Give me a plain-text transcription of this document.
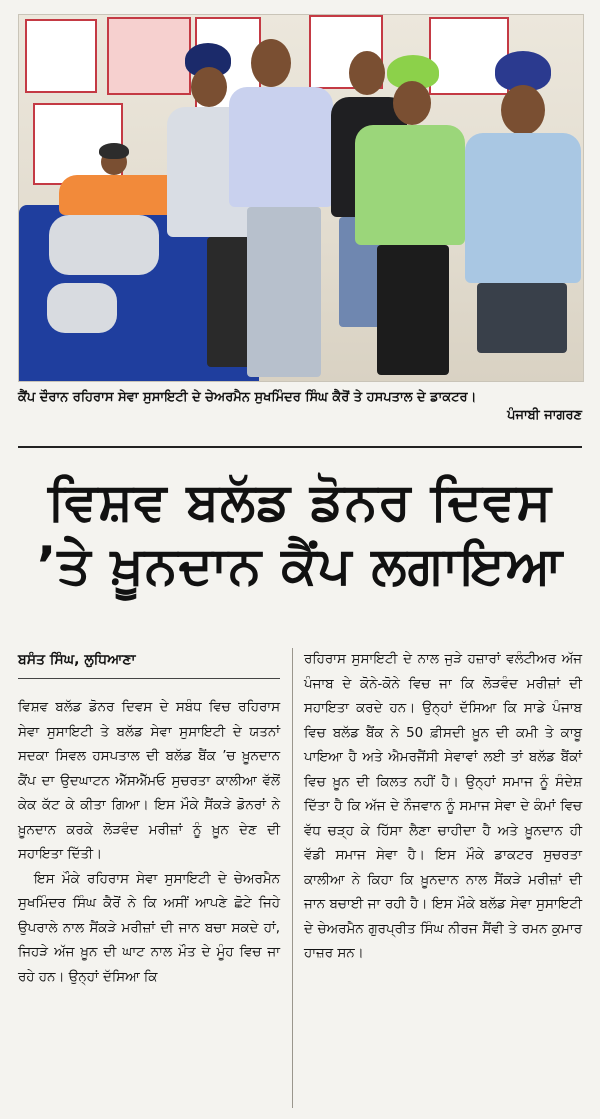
ਕੈਂਪ ਦੌਰਾਨ ਰਹਿਰਾਸ ਸੇਵਾ ਸੁਸਾਇਟੀ ਦੇ ਚੇਅਰਮੈਨ ਸੁਖਮਿੰਦਰ ਸਿੰਘ ਕੈਰੋਂ ਤੇ ਹਸਪਤਾਲ ਦੇ ਡਾਕਟਰ।
ਪੰਜਾਬੀ ਜਾਗਰਣ
ਵਿਸ਼ਵ ਬਲੱਡ ਡੋਨਰ ਦਿਵਸ
’ਤੇ ਖ਼ੂਨਦਾਨ ਕੈਂਪ ਲਗਾਇਆ
ਬਸੰਤ ਸਿੰਘ, ਲੁਧਿਆਣਾ

ਵਿਸ਼ਵ ਬਲੱਡ ਡੋਨਰ ਦਿਵਸ ਦੇ ਸਬੰਧ ਵਿਚ ਰਹਿਰਾਸ ਸੇਵਾ ਸੁਸਾਇਟੀ ਤੇ ਬਲੱਡ ਸੇਵਾ ਸੁਸਾਇਟੀ ਦੇ ਯਤਨਾਂ ਸਦਕਾ ਸਿਵਲ ਹਸਪਤਾਲ ਦੀ ਬਲੱਡ ਬੈਂਕ ’ਚ ਖ਼ੂਨਦਾਨ ਕੈਂਪ ਦਾ ਉਦਘਾਟਨ ਐੱਸਐੱਮਓ ਸੁਚਰਤਾ ਕਾਲੀਆ ਵੱਲੋਂ ਕੇਕ ਕੱਟ ਕੇ ਕੀਤਾ ਗਿਆ। ਇਸ ਮੌਕੇ ਸੈਂਕੜੇ ਡੋਨਰਾਂ ਨੇ ਖ਼ੂਨਦਾਨ ਕਰਕੇ ਲੋੜਵੰਦ ਮਰੀਜ਼ਾਂ ਨੂੰ ਖ਼ੂਨ ਦੇਣ ਦੀ ਸਹਾਇਤਾ ਦਿੱਤੀ।

ਇਸ ਮੌਕੇ ਰਹਿਰਾਸ ਸੇਵਾ ਸੁਸਾਇਟੀ ਦੇ ਚੇਅਰਮੈਨ ਸੁਖਮਿੰਦਰ ਸਿੰਘ ਕੈਰੋਂ ਨੇ ਕਿ ਅਸੀਂ ਆਪਣੇ ਛੋਟੇ ਜਿਹੇ ਉਪਰਾਲੇ ਨਾਲ ਸੈਂਕੜੇ ਮਰੀਜ਼ਾਂ ਦੀ ਜਾਨ ਬਚਾ ਸਕਦੇ ਹਾਂ, ਜਿਹੜੇ ਅੱਜ ਖ਼ੂਨ ਦੀ ਘਾਟ ਨਾਲ ਮੌਤ ਦੇ ਮੂੰਹ ਵਿਚ ਜਾ ਰਹੇ ਹਨ। ਉਨ੍ਹਾਂ ਦੱਸਿਆ ਕਿ

ਰਹਿਰਾਸ ਸੁਸਾਇਟੀ ਦੇ ਨਾਲ ਜੁੜੇ ਹਜ਼ਾਰਾਂ ਵਲੰਟੀਅਰ ਅੱਜ ਪੰਜਾਬ ਦੇ ਕੋਨੇ-ਕੋਨੇ ਵਿਚ ਜਾ ਕਿ ਲੋੜਵੰਦ ਮਰੀਜ਼ਾਂ ਦੀ ਸਹਾਇਤਾ ਕਰਦੇ ਹਨ। ਉਨ੍ਹਾਂ ਦੱਸਿਆ ਕਿ ਸਾਡੇ ਪੰਜਾਬ ਵਿਚ ਬਲੱਡ ਬੈਂਕ ਨੇ 50 ਫ਼ੀਸਦੀ ਖ਼ੂਨ ਦੀ ਕਮੀ ਤੇ ਕਾਬੂ ਪਾਇਆ ਹੈ ਅਤੇ ਐਮਰਜੈਂਸੀ ਸੇਵਾਵਾਂ ਲਈ ਤਾਂ ਬਲੱਡ ਬੈਂਕਾਂ ਵਿਚ ਖ਼ੂਨ ਦੀ ਕਿਲਤ ਨਹੀਂ ਹੈ। ਉਨ੍ਹਾਂ ਸਮਾਜ ਨੂੰ ਸੰਦੇਸ਼ ਦਿੱਤਾ ਹੈ ਕਿ ਅੱਜ ਦੇ ਨੌਜਵਾਨ ਨੂੰ ਸਮਾਜ ਸੇਵਾ ਦੇ ਕੰਮਾਂ ਵਿਚ ਵੱਧ ਚੜ੍ਹ ਕੇ ਹਿੱਸਾ ਲੈਣਾ ਚਾਹੀਦਾ ਹੈ ਅਤੇ ਖ਼ੂਨਦਾਨ ਹੀ ਵੱਡੀ ਸਮਾਜ ਸੇਵਾ ਹੈ। ਇਸ ਮੌਕੇ ਡਾਕਟਰ ਸੁਚਰਤਾ ਕਾਲੀਆ ਨੇ ਕਿਹਾ ਕਿ ਖ਼ੂਨਦਾਨ ਨਾਲ ਸੈਂਕੜੇ ਮਰੀਜ਼ਾਂ ਦੀ ਜਾਨ ਬਚਾਈ ਜਾ ਰਹੀ ਹੈ। ਇਸ ਮੌਕੇ ਬਲੱਡ ਸੇਵਾ ਸੁਸਾਇਟੀ ਦੇ ਚੇਅਰਮੈਨ ਗੁਰਪ੍ਰੀਤ ਸਿੰਘ ਨੀਰਜ ਸੈਂਵੀ ਤੇ ਰਮਨ ਕੁਮਾਰ ਹਾਜ਼ਰ ਸਨ।
